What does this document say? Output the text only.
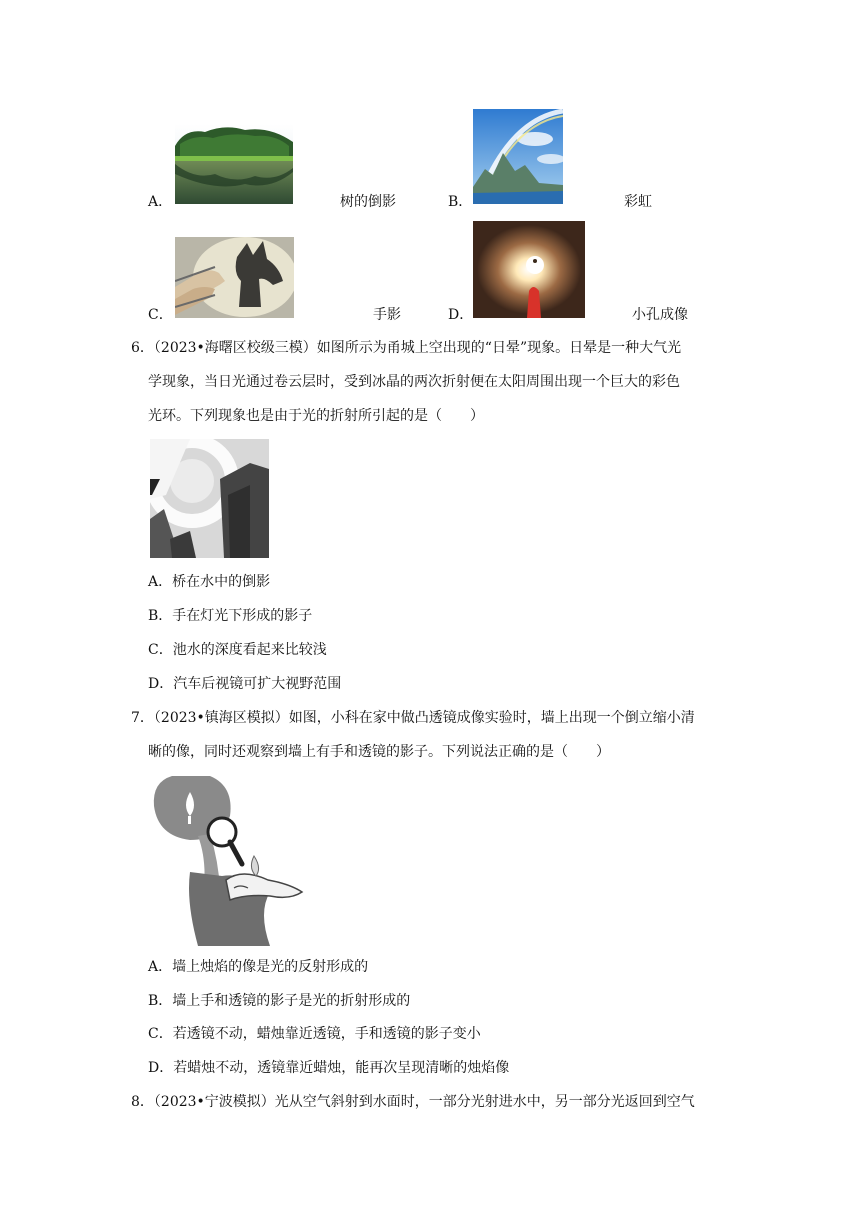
A．	树的倒影	B．	彩虹
C．	手影	D．	小孔成像
6．（2023•海曙区校级三模）如图所示为甬城上空出现的“日晕”现象。日晕是一种大气光
学现象，当日光通过卷云层时，受到冰晶的两次折射便在太阳周围出现一个巨大的彩色
光环。下列现象也是由于光的折射所引起的是（　　）
A．桥在水中的倒影
B．手在灯光下形成的影子
C．池水的深度看起来比较浅
D．汽车后视镜可扩大视野范围
7．（2023•镇海区模拟）如图，小科在家中做凸透镜成像实验时，墙上出现一个倒立缩小清
晰的像，同时还观察到墙上有手和透镜的影子。下列说法正确的是（　　）
A．墙上烛焰的像是光的反射形成的
B．墙上手和透镜的影子是光的折射形成的
C．若透镜不动，蜡烛靠近透镜，手和透镜的影子变小
D．若蜡烛不动，透镜靠近蜡烛，能再次呈现清晰的烛焰像
8．（2023•宁波模拟）光从空气斜射到水面时，一部分光射进水中，另一部分光返回到空气
